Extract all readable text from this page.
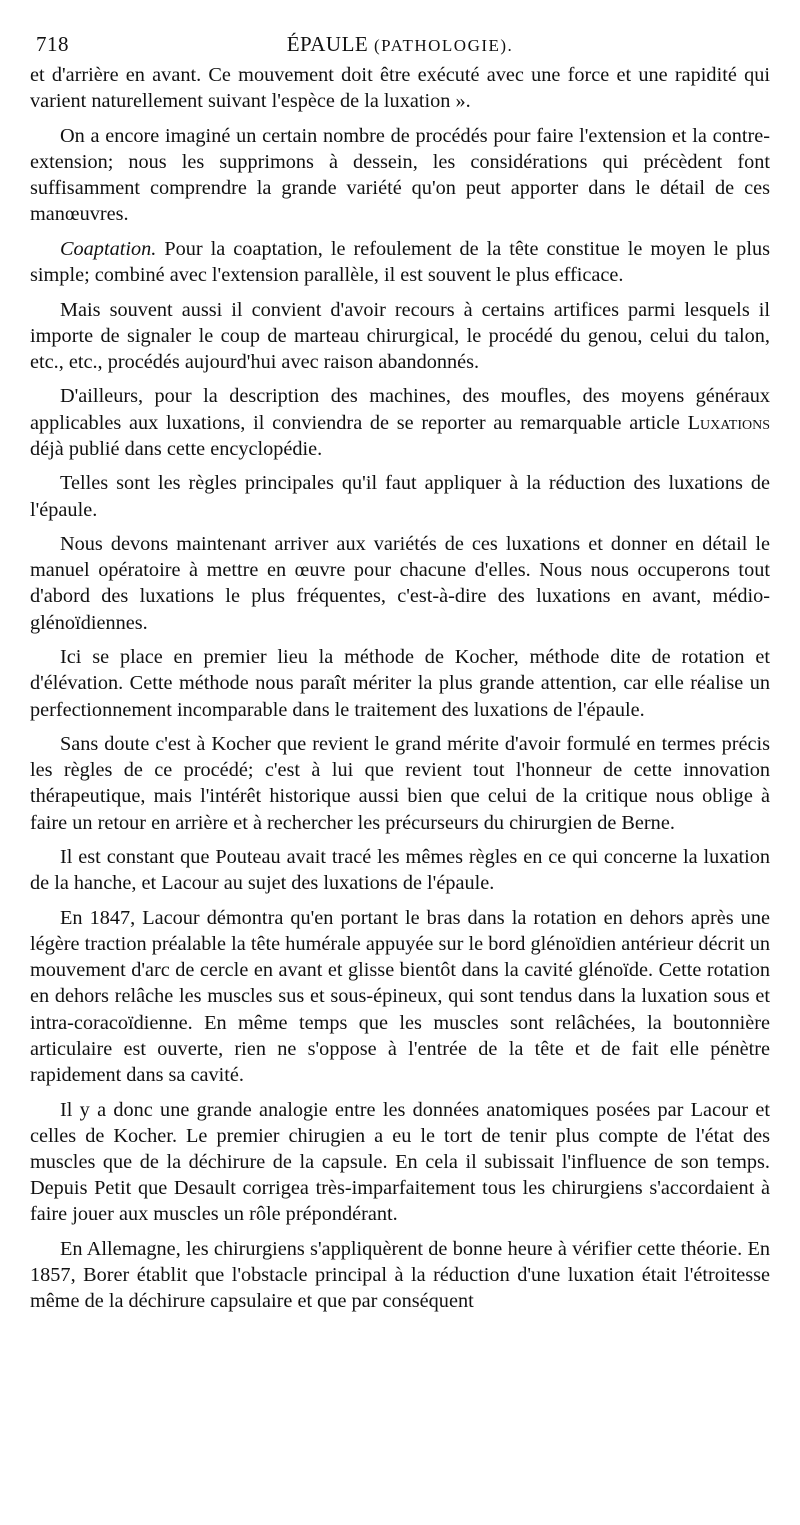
718	ÉPAULE (PATHOLOGIE).

et d'arrière en avant. Ce mouvement doit être exécuté avec une force et une rapidité qui varient naturellement suivant l'espèce de la luxation ».

On a encore imaginé un certain nombre de procédés pour faire l'extension et la contre-extension; nous les supprimons à dessein, les considérations qui précèdent font suffisamment comprendre la grande variété qu'on peut apporter dans le détail de ces manœuvres.

Coaptation. Pour la coaptation, le refoulement de la tête constitue le moyen le plus simple; combiné avec l'extension parallèle, il est souvent le plus efficace.

Mais souvent aussi il convient d'avoir recours à certains artifices parmi lesquels il importe de signaler le coup de marteau chirurgical, le procédé du genou, celui du talon, etc., etc., procédés aujourd'hui avec raison abandonnés.

D'ailleurs, pour la description des machines, des moufles, des moyens généraux applicables aux luxations, il conviendra de se reporter au remarquable article Luxations déjà publié dans cette encyclopédie.

Telles sont les règles principales qu'il faut appliquer à la réduction des luxations de l'épaule.

Nous devons maintenant arriver aux variétés de ces luxations et donner en détail le manuel opératoire à mettre en œuvre pour chacune d'elles. Nous nous occuperons tout d'abord des luxations le plus fréquentes, c'est-à-dire des luxations en avant, médio-glénoïdiennes.

Ici se place en premier lieu la méthode de Kocher, méthode dite de rotation et d'élévation. Cette méthode nous paraît mériter la plus grande attention, car elle réalise un perfectionnement incomparable dans le traitement des luxations de l'épaule.

Sans doute c'est à Kocher que revient le grand mérite d'avoir formulé en termes précis les règles de ce procédé; c'est à lui que revient tout l'honneur de cette innovation thérapeutique, mais l'intérêt historique aussi bien que celui de la critique nous oblige à faire un retour en arrière et à rechercher les précurseurs du chirurgien de Berne.

Il est constant que Pouteau avait tracé les mêmes règles en ce qui concerne la luxation de la hanche, et Lacour au sujet des luxations de l'épaule.

En 1847, Lacour démontra qu'en portant le bras dans la rotation en dehors après une légère traction préalable la tête humérale appuyée sur le bord glénoïdien antérieur décrit un mouvement d'arc de cercle en avant et glisse bientôt dans la cavité glénoïde. Cette rotation en dehors relâche les muscles sus et sous-épineux, qui sont tendus dans la luxation sous et intra-coracoïdienne. En même temps que les muscles sont relâchées, la boutonnière articulaire est ouverte, rien ne s'oppose à l'entrée de la tête et de fait elle pénètre rapidement dans sa cavité.

Il y a donc une grande analogie entre les données anatomiques posées par Lacour et celles de Kocher. Le premier chirugien a eu le tort de tenir plus compte de l'état des muscles que de la déchirure de la capsule. En cela il subissait l'influence de son temps. Depuis Petit que Desault corrigea très-imparfaitement tous les chirurgiens s'accordaient à faire jouer aux muscles un rôle prépondérant.

En Allemagne, les chirurgiens s'appliquèrent de bonne heure à vérifier cette théorie. En 1857, Borer établit que l'obstacle principal à la réduction d'une luxation était l'étroitesse même de la déchirure capsulaire et que par conséquent
